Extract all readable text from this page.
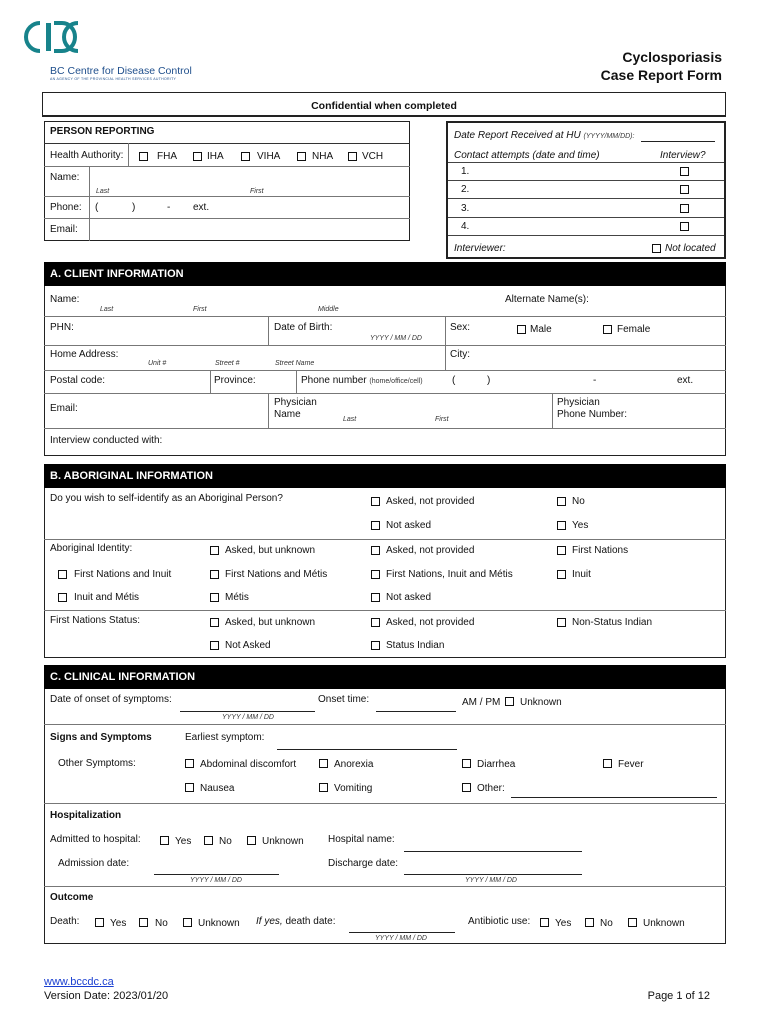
BC Centre for Disease Control
AN AGENCY OF THE PROVINCIAL HEALTH SERVICES AUTHORITY
Cyclosporiasis
Case Report Form
Confidential when completed
PERSON REPORTING
Health Authority:	FHA	IHA	VIHA	NHA	VCH
Name:
Last	First
Phone: (	)	- ext.
Email:
Date Report Received at HU (YYYY/MM/DD):
Contact attempts (date and time)	Interview?
1.
2.
3.
4.
Interviewer:	Not located
A. CLIENT INFORMATION
Name:
Last	First	Middle
Alternate Name(s):
PHN:	Date of Birth:
YYYY / MM / DD
Sex:	Male	Female
Home Address:
Unit #	Street #	Street Name
City:
Postal code:	Province:	Phone number (home/office/cell)	(	)	-	ext.
Email:
Physician
Name	Last	First
Physician
Phone Number:
Interview conducted with:
B. ABORIGINAL INFORMATION
Do you wish to self-identify as an Aboriginal Person?	Asked, not provided	No
Not asked	Yes
Aboriginal Identity:	Asked, but unknown	Asked, not provided	First Nations
First Nations and Inuit	First Nations and Métis	First Nations, Inuit and Métis	Inuit
Inuit and Métis	Métis	Not asked
First Nations Status:	Asked, but unknown	Asked, not provided	Non-Status Indian
Not Asked	Status Indian
C. CLINICAL INFORMATION
Date of onset of symptoms:
YYYY / MM / DD
Onset time:	AM / PM Unknown
Signs and Symptoms	Earliest symptom:
Other Symptoms:	Abdominal discomfort	Anorexia	Diarrhea	Fever
Nausea	Vomiting	Other:
Hospitalization
Admitted to hospital:	Yes	No	Unknown Hospital name:
Admission date:
YYYY / MM / DD
Discharge date:
YYYY / MM / DD
Outcome
Death:	Yes	No	Unknown If yes, death date:
YYYY / MM / DD
Antibiotic use: Yes	No	Unknown
www.bccdc.ca
Version Date: 2023/01/20	Page 1 of 12
